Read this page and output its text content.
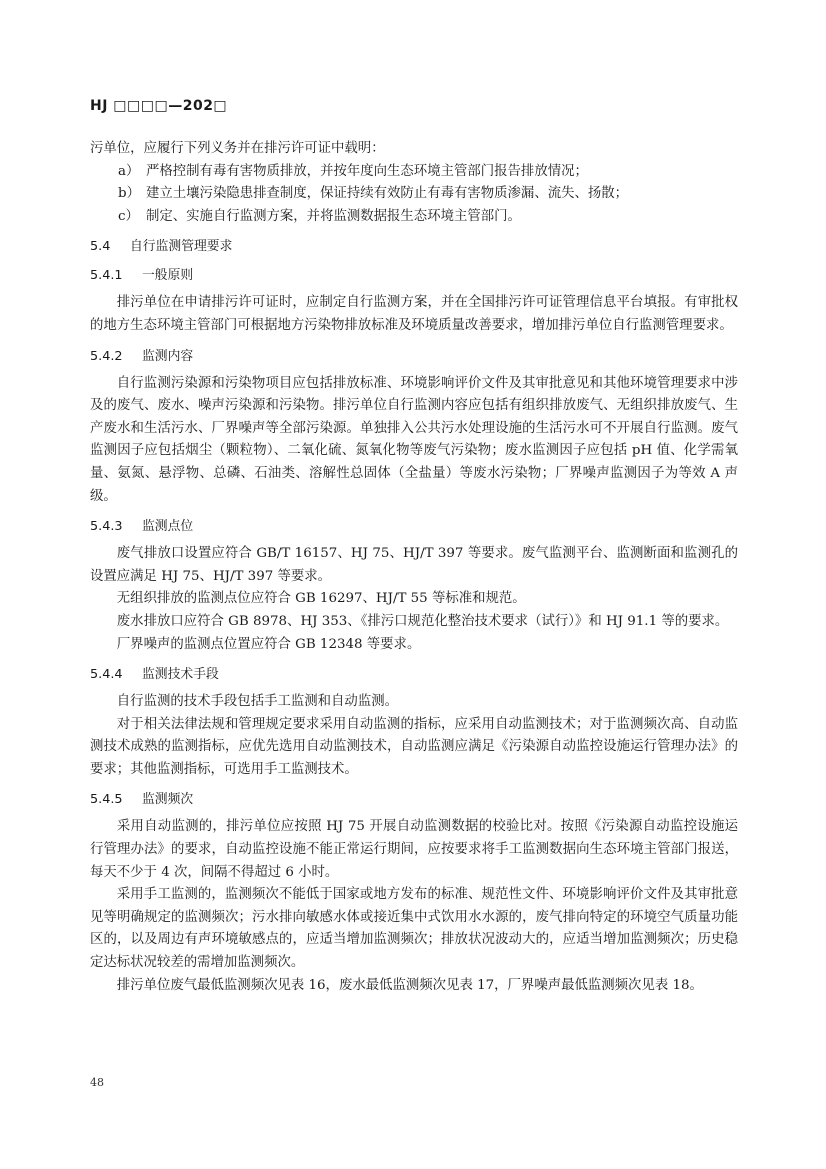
HJ □□□□—202□

污单位，应履行下列义务并在排污许可证中载明：

a） 严格控制有毒有害物质排放，并按年度向生态环境主管部门报告排放情况；

b） 建立土壤污染隐患排查制度，保证持续有效防止有毒有害物质渗漏、流失、扬散；

c） 制定、实施自行监测方案，并将监测数据报生态环境主管部门。

5.4 自行监测管理要求
5.4.1 一般原则

排污单位在申请排污许可证时，应制定自行监测方案，并在全国排污许可证管理信息平台填报。有审批权的地方生态环境主管部门可根据地方污染物排放标准及环境质量改善要求，增加排污单位自行监测管理要求。

5.4.2 监测内容

自行监测污染源和污染物项目应包括排放标准、环境影响评价文件及其审批意见和其他环境管理要求中涉及的废气、废水、噪声污染源和污染物。排污单位自行监测内容应包括有组织排放废气、无组织排放废气、生产废水和生活污水、厂界噪声等全部污染源。单独排入公共污水处理设施的生活污水可不开展自行监测。废气监测因子应包括烟尘（颗粒物）、二氧化硫、氮氧化物等废气污染物；废水监测因子应包括 pH 值、化学需氧量、氨氮、悬浮物、总磷、石油类、溶解性总固体（全盐量）等废水污染物；厂界噪声监测因子为等效 A 声级。

5.4.3 监测点位

废气排放口设置应符合 GB/T 16157、HJ 75、HJ/T 397 等要求。废气监测平台、监测断面和监测孔的设置应满足 HJ 75、HJ/T 397 等要求。

无组织排放的监测点位应符合 GB 16297、HJ/T 55 等标准和规范。

废水排放口应符合 GB 8978、HJ 353、《排污口规范化整治技术要求（试行）》和 HJ 91.1 等的要求。

厂界噪声的监测点位置应符合 GB 12348 等要求。

5.4.4 监测技术手段

自行监测的技术手段包括手工监测和自动监测。

对于相关法律法规和管理规定要求采用自动监测的指标，应采用自动监测技术；对于监测频次高、自动监测技术成熟的监测指标，应优先选用自动监测技术，自动监测应满足《污染源自动监控设施运行管理办法》的要求；其他监测指标，可选用手工监测技术。

5.4.5 监测频次

采用自动监测的，排污单位应按照 HJ 75 开展自动监测数据的校验比对。按照《污染源自动监控设施运行管理办法》的要求，自动监控设施不能正常运行期间，应按要求将手工监测数据向生态环境主管部门报送，每天不少于 4 次，间隔不得超过 6 小时。

采用手工监测的，监测频次不能低于国家或地方发布的标准、规范性文件、环境影响评价文件及其审批意见等明确规定的监测频次；污水排向敏感水体或接近集中式饮用水水源的，废气排向特定的环境空气质量功能区的，以及周边有声环境敏感点的，应适当增加监测频次；排放状况波动大的，应适当增加监测频次；历史稳定达标状况较差的需增加监测频次。

排污单位废气最低监测频次见表 16，废水最低监测频次见表 17，厂界噪声最低监测频次见表 18。

48
